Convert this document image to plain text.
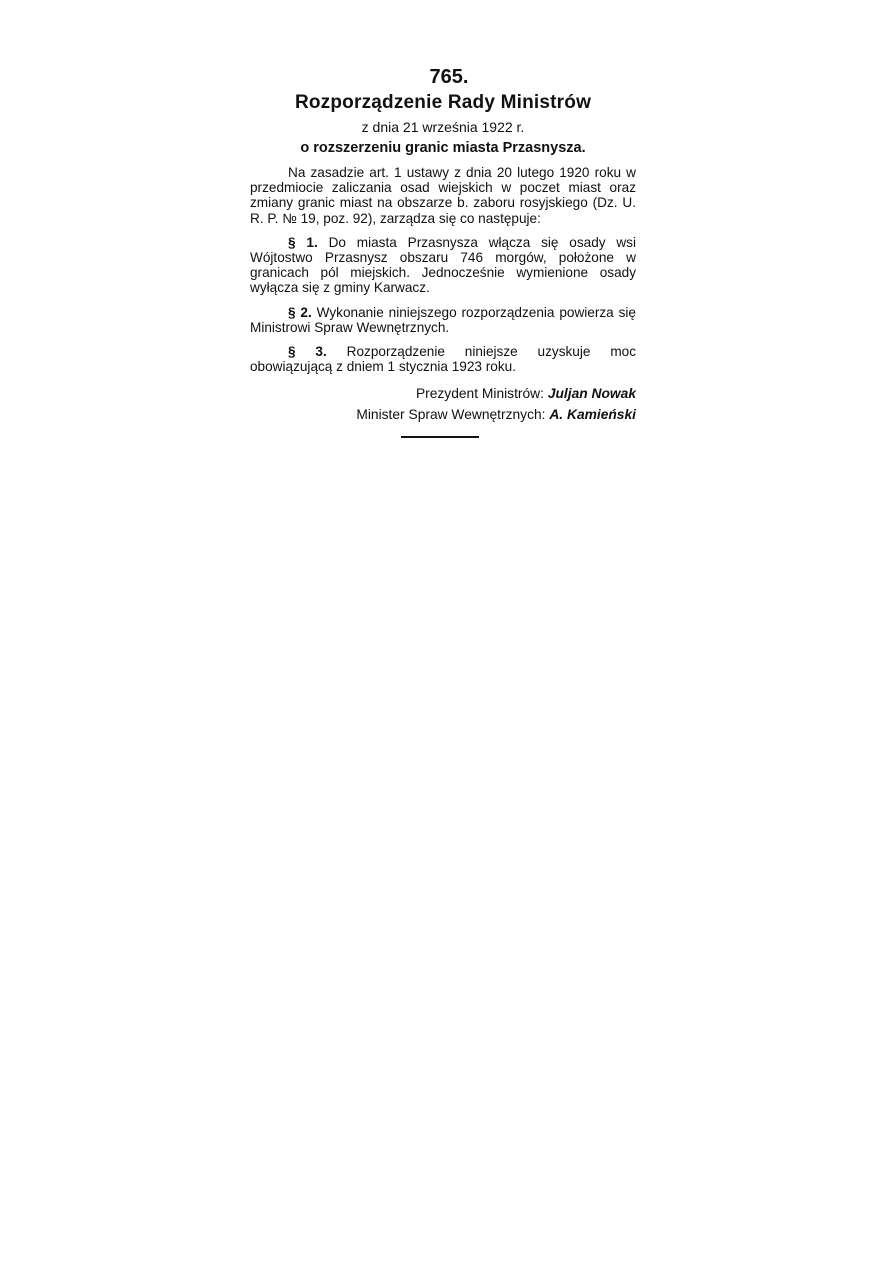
765.
Rozporządzenie Rady Ministrów
z dnia 21 września 1922 r.
o rozszerzeniu granic miasta Przasnysza.

Na zasadzie art. 1 ustawy z dnia 20 lutego 1920 roku w przedmiocie zaliczania osad wiejskich w poczet miast oraz zmiany granic miast na obszarze b. zaboru rosyjskiego (Dz. U. R. P. № 19, poz. 92), zarządza się co następuje:

§ 1. Do miasta Przasnysza włącza się osady wsi Wójtostwo Przasnysz obszaru 746 morgów, położone w granicach pól miejskich. Jednocześnie wymienione osady wyłącza się z gminy Karwacz.

§ 2. Wykonanie niniejszego rozporządzenia powierza się Ministrowi Spraw Wewnętrznych.

§ 3. Rozporządzenie niniejsze uzyskuje moc obowiązującą z dniem 1 stycznia 1923 roku.

Prezydent Ministrów: Juljan Nowak
Minister Spraw Wewnętrznych: A. Kamieński
